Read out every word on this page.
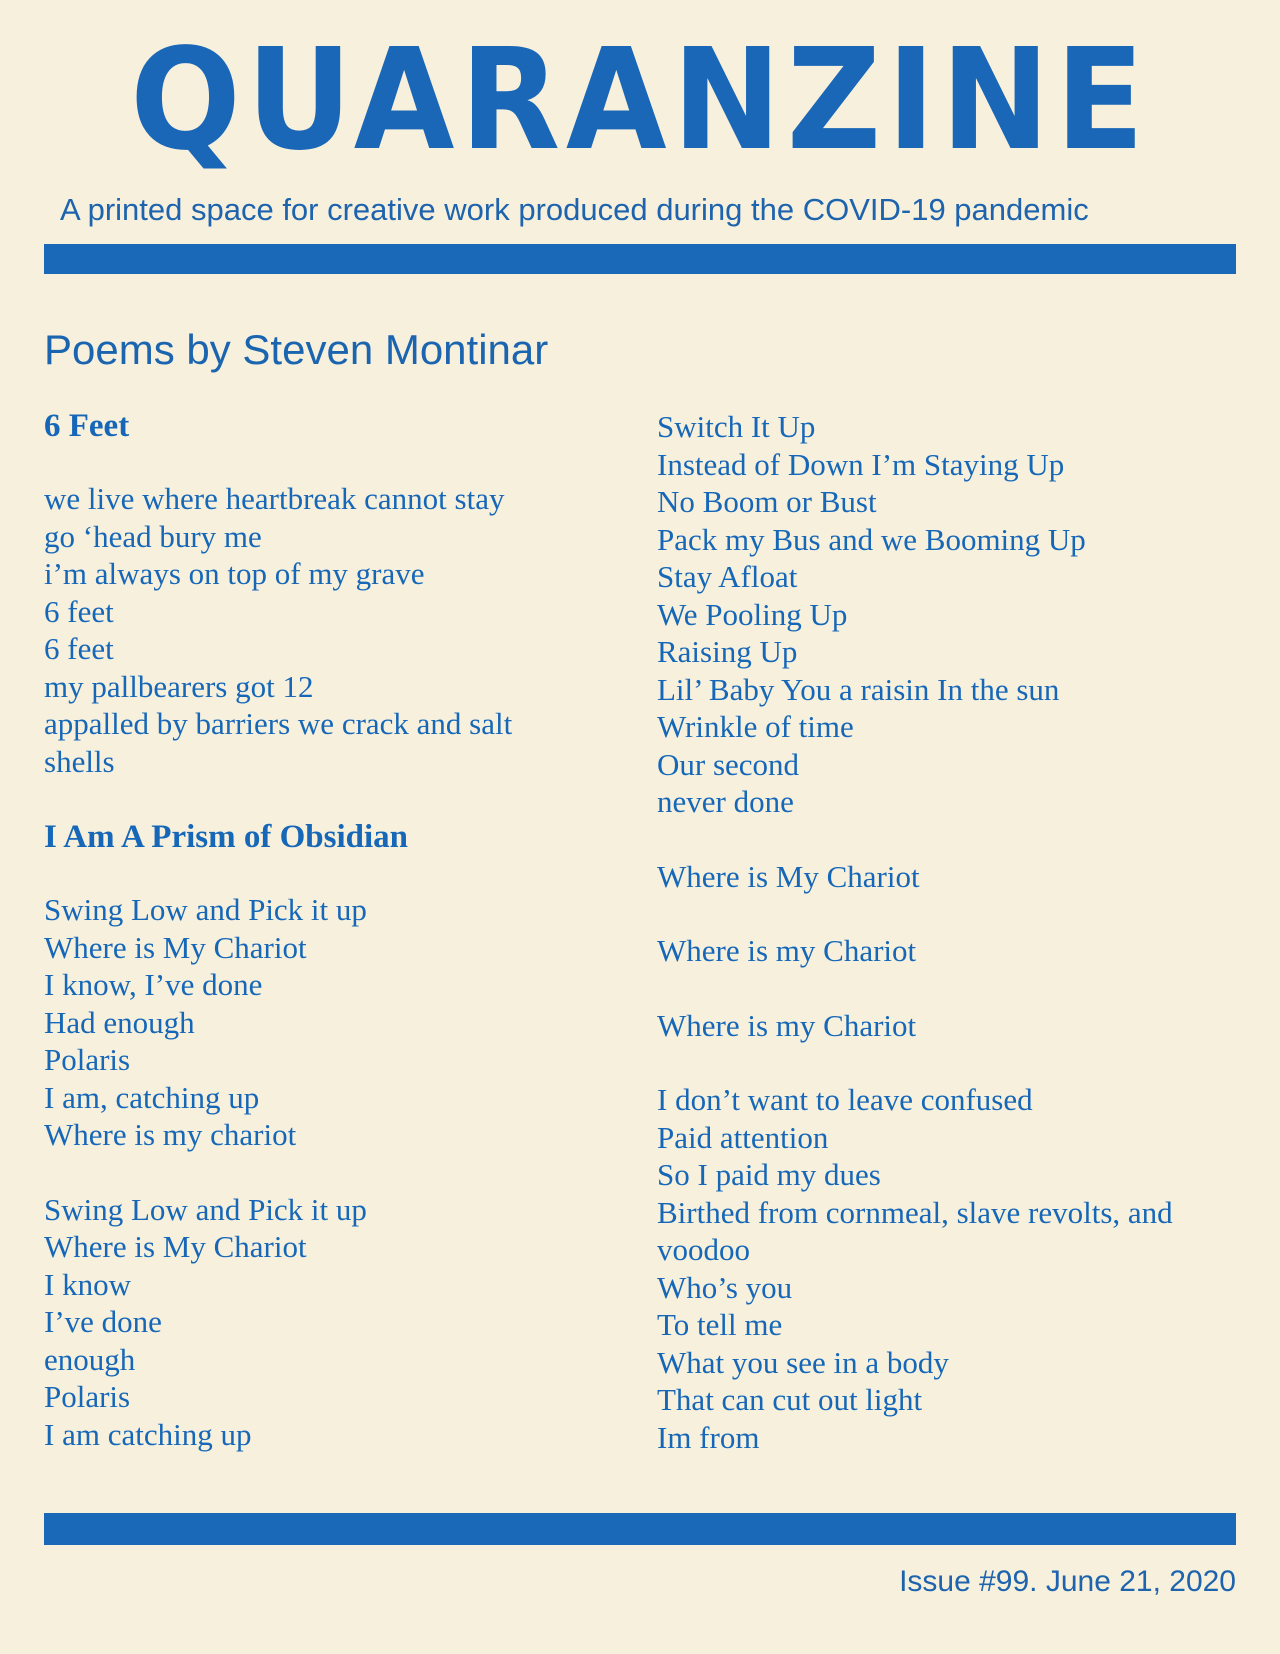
QUARANZINE
A printed space for creative work produced during the COVID-19 pandemic
Poems by Steven Montinar
6 Feet
we live where heartbreak cannot stay
go ‘head bury me
i’m always on top of my grave
6 feet
6 feet
my pallbearers got 12
appalled by barriers we crack and salt
shells
I Am A Prism of Obsidian
Swing Low and Pick it up
Where is My Chariot
I know, I’ve done
Had enough
Polaris
I am, catching up
Where is my chariot
Swing Low and Pick it up
Where is My Chariot
I know
I’ve done
enough
Polaris
I am catching up
Switch It Up
Instead of Down I’m Staying Up
No Boom or Bust
Pack my Bus and we Booming Up
Stay Afloat
We Pooling Up
Raising Up
Lil’ Baby You a raisin In the sun
Wrinkle of time
Our second
never done
Where is My Chariot
Where is my Chariot
Where is my Chariot
I don’t want to leave confused
Paid attention
So I paid my dues
Birthed from cornmeal, slave revolts, and
voodoo
Who’s you
To tell me
What you see in a body
That can cut out light
Im from
Issue #99. June 21, 2020
